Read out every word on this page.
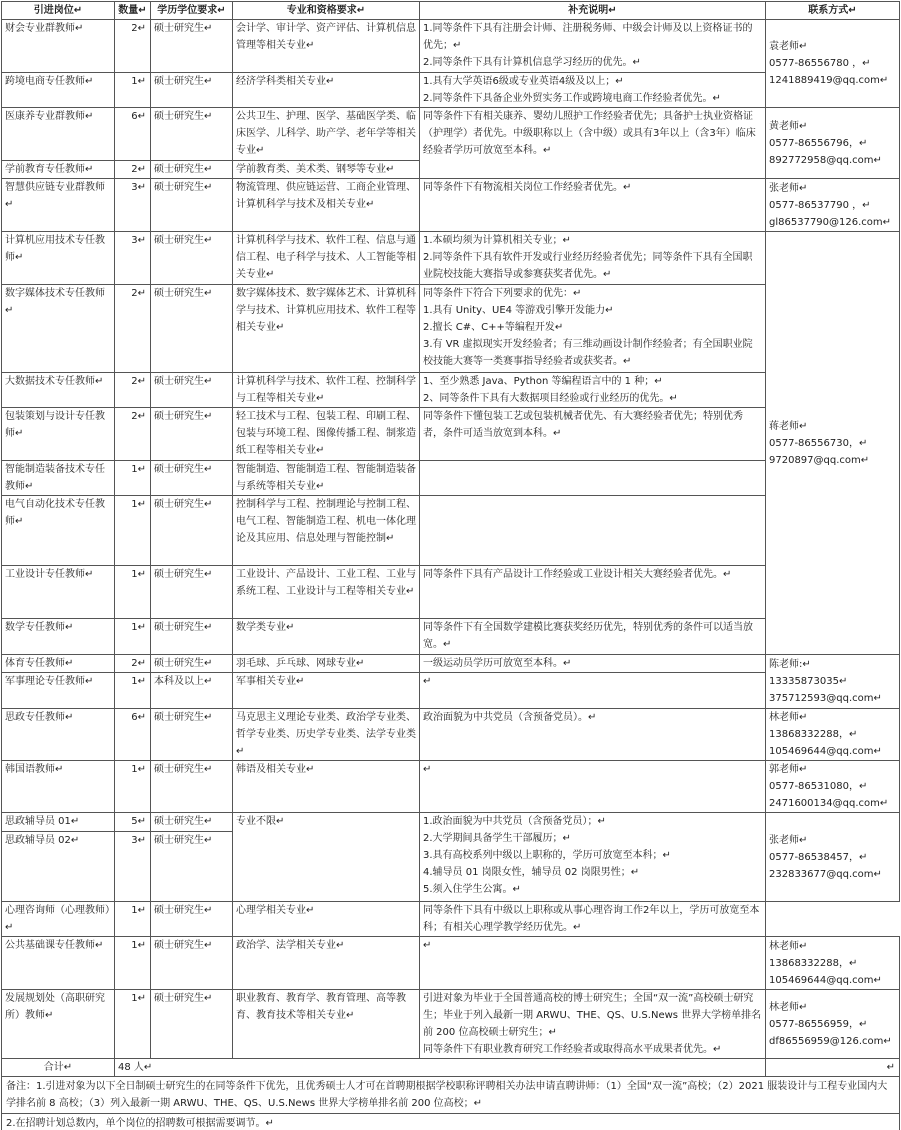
引进岗位↵	数量↵	学历学位要求↵	专业和资格要求↵	补充说明↵	联系方式↵
财会专业群教师↵	2↵	硕士研究生↵	会计学、审计学、资产评估、计算机信息管理等相关专业↵	1.同等条件下具有注册会计师、注册税务师、中级会计师及以上资格证书的优先；↵
2.同等条件下具有计算机信息学习经历的优先。↵	袁老师↵
0577-86556780 ，↵
1241889419@qq.com↵
跨境电商专任教师↵	1↵	硕士研究生↵	经济学科类相关专业↵	1.具有大学英语6级或专业英语4级及以上；↵
2.同等条件下具备企业外贸实务工作或跨境电商工作经验者优先。↵	
医康养专业群教师↵	6↵	硕士研究生↵	公共卫生、护理、医学、基础医学类、临床医学、儿科学、助产学、老年学等相关专业↵	同等条件下有相关康养、婴幼儿照护工作经验者优先；具备护士执业资格证（护理学）者优先。中级职称以上（含中级）或具有3年以上（含3年）临床经验者学历可放宽至本科。↵	黄老师↵
0577-86556796，↵
892772958@qq.com↵
学前教育专任教师↵	2↵	硕士研究生↵	学前教育类、美术类、钢琴等专业↵		
智慧供应链专业群教师↵	3↵	硕士研究生↵	物流管理、供应链运营、工商企业管理、计算机科学与技术及相关专业↵	同等条件下有物流相关岗位工作经验者优先。↵	张老师↵
0577-86537790 ，↵
gl86537790@126.com↵
计算机应用技术专任教师↵	3↵	硕士研究生↵	计算机科学与技术、软件工程、信息与通信工程、电子科学与技术、人工智能等相关专业↵	1.本硕均须为计算机相关专业；↵
2.同等条件下具有软件开发或行业经历经验者优先；同等条件下具有全国职业院校技能大赛指导或参赛获奖者优先。↵	蒋老师↵
0577-86556730，↵
9720897@qq.com↵
数字媒体技术专任教师↵	2↵	硕士研究生↵	数字媒体技术、数字媒体艺术、计算机科学与技术、计算机应用技术、软件工程等相关专业↵	同等条件下符合下列要求的优先：↵
1.具有 Unity、UE4 等游戏引擎开发能力↵
2.擅长 C#、C++等编程开发↵
3.有 VR 虚拟现实开发经验者；有三维动画设计制作经验者；有全国职业院校技能大赛等一类赛事指导经验者或获奖者。↵	
大数据技术专任教师↵	2↵	硕士研究生↵	计算机科学与技术、软件工程、控制科学与工程等相关专业↵	1、至少熟悉 Java、Python 等编程语言中的 1 种；↵
2、同等条件下具有大数据项目经验或行业经历的优先。↵	
包装策划与设计专任教师↵	2↵	硕士研究生↵	轻工技术与工程、包装工程、印刷工程、包装与环境工程、图像传播工程、制浆造纸工程等相关专业↵	同等条件下懂包装工艺或包装机械者优先、有大赛经验者优先；特别优秀者，条件可适当放宽到本科。↵	
智能制造装备技术专任教师↵	1↵	硕士研究生↵	智能制造、智能制造工程、智能制造装备与系统等相关专业↵		
电气自动化技术专任教师↵	1↵	硕士研究生↵	控制科学与工程、控制理论与控制工程、电气工程、智能制造工程、机电一体化理论及其应用、信息处理与智能控制↵		
工业设计专任教师↵	1↵	硕士研究生↵	工业设计、产品设计、工业工程、工业与系统工程、工业设计与工程等相关专业↵	同等条件下具有产品设计工作经验或工业设计相关大赛经验者优先。↵	
数学专任教师↵	1↵	硕士研究生↵	数学类专业↵	同等条件下有全国数学建模比赛获奖经历优先，特别优秀的条件可以适当放宽。↵	
体育专任教师↵	2↵	硕士研究生↵	羽毛球、乒乓球、网球专业↵	一级运动员学历可放宽至本科。↵	陈老师:↵
13335873035↵
375712593@qq.com↵
军事理论专任教师↵	1↵	本科及以上↵	军事相关专业↵	↵	
思政专任教师↵	6↵	硕士研究生↵	马克思主义理论专业类、政治学专业类、哲学专业类、历史学专业类、法学专业类↵	政治面貌为中共党员（含预备党员）。↵	林老师↵
13868332288，↵
105469644@qq.com↵
韩国语教师↵	1↵	硕士研究生↵	韩语及相关专业↵	↵	郭老师↵
0577-86531080，↵
2471600134@qq.com↵
思政辅导员 01↵	5↵	硕士研究生↵	专业不限↵	1.政治面貌为中共党员（含预备党员）；↵
2.大学期间具备学生干部履历；↵
3.具有高校系列中级以上职称的，学历可放宽至本科；↵
4.辅导员 01 岗限女性，辅导员 02 岗限男性；↵
5.须入住学生公寓。↵	张老师↵
0577-86538457，↵
232833677@qq.com↵
思政辅导员 02↵	3↵	硕士研究生↵			
心理咨询师（心理教师）↵	1↵	硕士研究生↵	心理学相关专业↵	同等条件下具有中级以上职称或从事心理咨询工作2年以上，学历可放宽至本科；有相关心理学教学经历优先。↵	
公共基础课专任教师↵	1↵	硕士研究生↵	政治学、法学相关专业↵	↵	林老师↵
13868332288，↵
105469644@qq.com↵
发展规划处（高职研究所）教师↵	1↵	硕士研究生↵	职业教育、教育学、教育管理、高等教育、教育技术等相关专业↵	引进对象为毕业于全国普通高校的博士研究生；全国“双一流”高校硕士研究生；毕业于列入最新一期 ARWU、THE、QS、U.S.News 世界大学榜单排名前 200 位高校硕士研究生；↵
同等条件下有职业教育研究工作经验者或取得高水平成果者优先。↵	林老师↵
0577-86556959，↵
df86556959@126.com↵
合计↵	48 人↵				↵
备注：1.引进对象为以下全日制硕士研究生的在同等条件下优先，且优秀硕士人才可在首聘期根据学校职称评聘相关办法申请直聘讲师：（1）全国“双一流”高校；（2）2021 服装设计与工程专业国内大学排名前 8 高校；（3）列入最新一期 ARWU、THE、QS、U.S.News 世界大学榜单排名前 200 位高校；↵					
2.在招聘计划总数内，单个岗位的招聘数可根据需要调节。↵					
